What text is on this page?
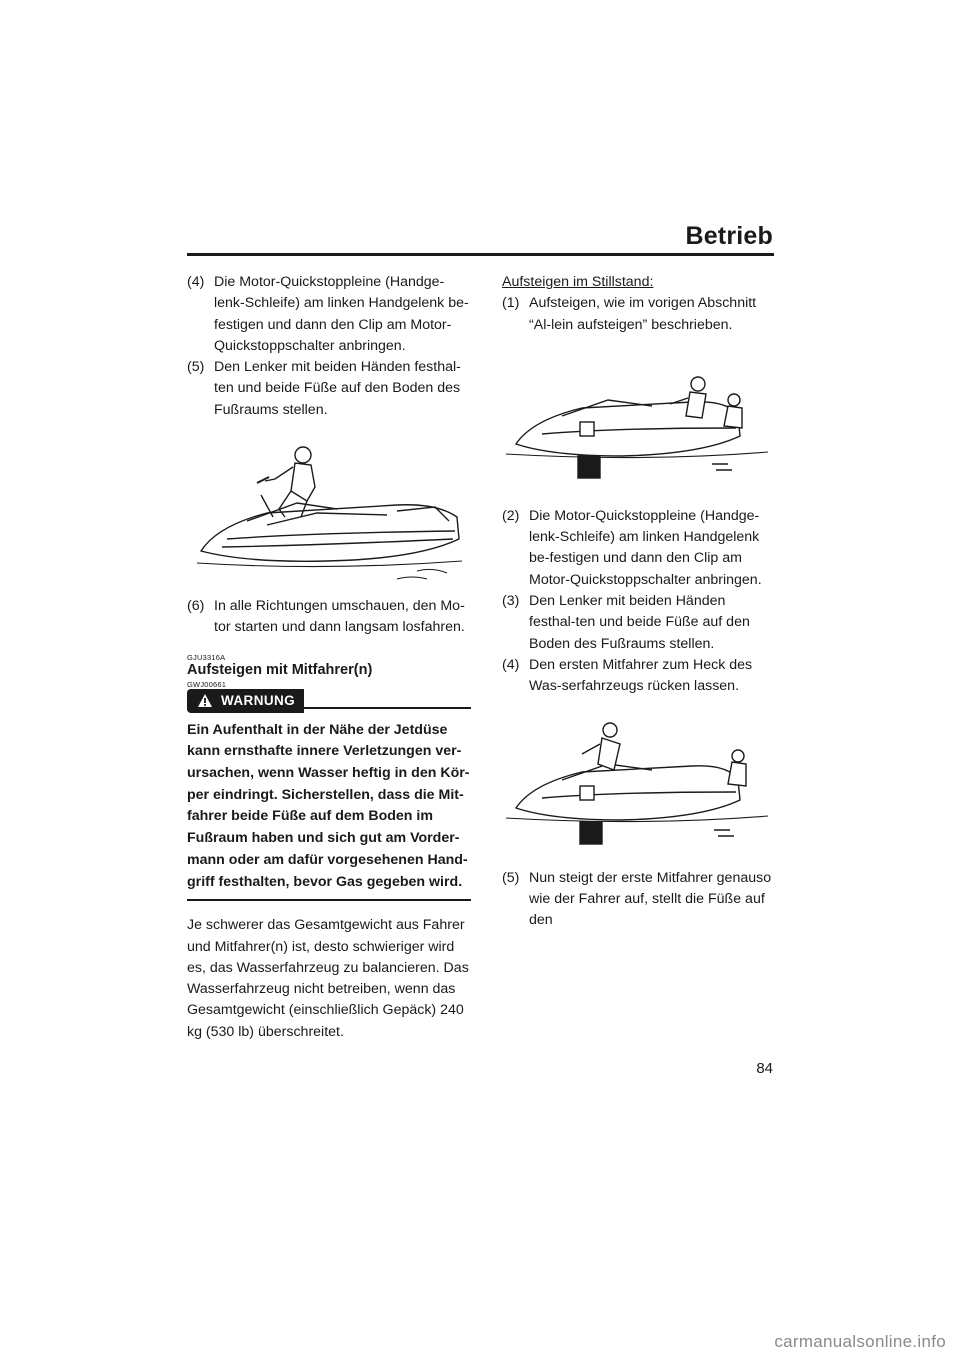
Betrieb
(4) Die Motor-Quickstoppleine (Handge-lenk-Schleife) am linken Handgelenk be-festigen und dann den Clip am Motor-Quickstoppschalter anbringen.
(5) Den Lenker mit beiden Händen festhal-ten und beide Füße auf den Boden des Fußraums stellen.
(6) In alle Richtungen umschauen, den Mo-tor starten und dann langsam losfahren.
GJU3316A
Aufsteigen mit Mitfahrer(n)
GWJ00661
WARNUNG
Ein Aufenthalt in der Nähe der Jetdüse kann ernsthafte innere Verletzungen ver-ursachen, wenn Wasser heftig in den Kör-per eindringt. Sicherstellen, dass die Mit-fahrer beide Füße auf dem Boden im Fußraum haben und sich gut am Vorder-mann oder am dafür vorgesehenen Hand-griff festhalten, bevor Gas gegeben wird.
Je schwerer das Gesamtgewicht aus Fahrer und Mitfahrer(n) ist, desto schwieriger wird es, das Wasserfahrzeug zu balancieren. Das Wasserfahrzeug nicht betreiben, wenn das Gesamtgewicht (einschließlich Gepäck) 240 kg (530 lb) überschreitet.
Aufsteigen im Stillstand:
(1) Aufsteigen, wie im vorigen Abschnitt “Al-lein aufsteigen” beschrieben.
(2) Die Motor-Quickstoppleine (Handge-lenk-Schleife) am linken Handgelenk be-festigen und dann den Clip am Motor-Quickstoppschalter anbringen.
(3) Den Lenker mit beiden Händen festhal-ten und beide Füße auf den Boden des Fußraums stellen.
(4) Den ersten Mitfahrer zum Heck des Was-serfahrzeugs rücken lassen.
(5) Nun steigt der erste Mitfahrer genauso wie der Fahrer auf, stellt die Füße auf den
84
carmanualsonline.info
